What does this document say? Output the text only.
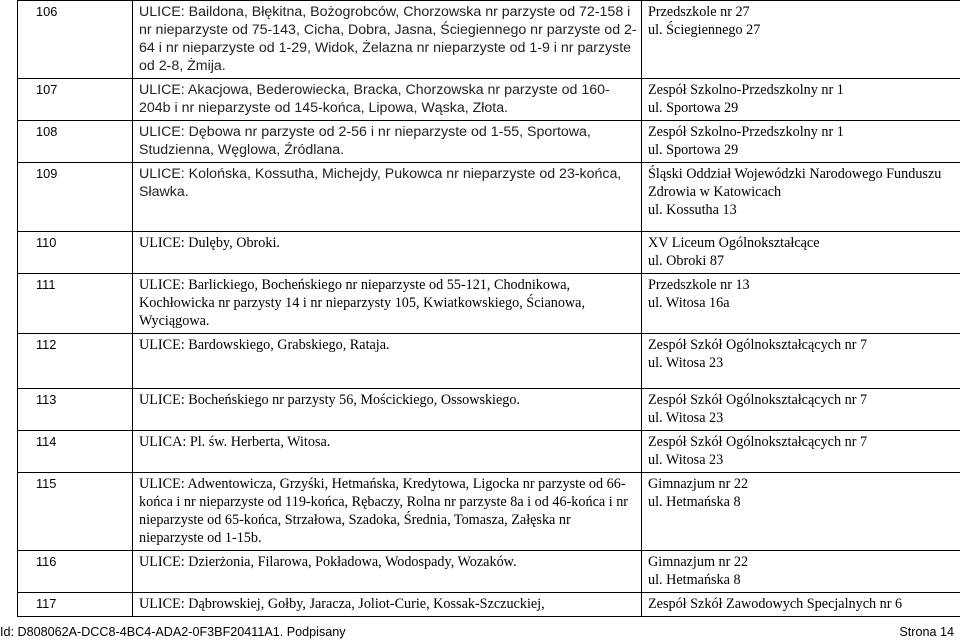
106	ULICE: Baildona, Błękitna, Bożogrobców, Chorzowska nr parzyste od 72-158 i nr nieparzyste od 75-143, Cicha, Dobra, Jasna, Ściegiennego nr parzyste od 2-64 i nr nieparzyste od 1-29, Widok, Żelazna nr nieparzyste od 1-9 i nr parzyste od 2-8, Żmija.	Przedszkole nr 27
ul. Ściegiennego 27

107	ULICE: Akacjowa, Bederowiecka, Bracka, Chorzowska nr parzyste od 160-204b i nr nieparzyste od 145-końca, Lipowa, Wąska, Złota.	Zespół Szkolno-Przedszkolny nr 1
ul. Sportowa 29

108	ULICE: Dębowa nr parzyste od 2-56 i nr nieparzyste od 1-55, Sportowa, Studzienna, Węglowa, Źródlana.	Zespół Szkolno-Przedszkolny nr 1
ul. Sportowa 29

109	ULICE: Kolońska, Kossutha, Michejdy, Pukowca nr nieparzyste od 23-końca, Sławka.	Śląski Oddział Wojewódzki Narodowego Funduszu Zdrowia w Katowicach
ul. Kossutha 13

110	ULICE: Dulęby, Obroki.	XV Liceum Ogólnokształcące
ul. Obroki 87

111	ULICE: Barlickiego, Bocheńskiego nr nieparzyste od 55-121, Chodnikowa, Kochłowicka nr parzysty 14 i nr nieparzysty 105, Kwiatkowskiego, Ścianowa, Wyciągowa.	Przedszkole nr 13
ul. Witosa 16a

112	ULICE: Bardowskiego, Grabskiego, Rataja.	Zespół Szkół Ogólnokształcących nr 7
ul. Witosa 23

113	ULICE: Bocheńskiego nr parzysty 56, Mościckiego, Ossowskiego.	Zespół Szkół Ogólnokształcących nr 7
ul. Witosa 23

114	ULICA: Pl. św. Herberta, Witosa.	Zespół Szkół Ogólnokształcących nr 7
ul. Witosa 23

115	ULICE: Adwentowicza, Grzyśki, Hetmańska, Kredytowa, Ligocka nr parzyste od 66-końca i nr nieparzyste od 119-końca, Rębaczy, Rolna nr parzyste 8a i od 46-końca i nr nieparzyste od 65-końca, Strzałowa, Szadoka, Średnia, Tomasza, Załęska nr nieparzyste od 1-15b.	Gimnazjum nr 22
ul. Hetmańska 8

116	ULICE: Dzierżonia, Filarowa, Pokładowa, Wodospady, Wozaków.	Gimnazjum nr 22
ul. Hetmańska 8

117	ULICE: Dąbrowskiej, Gołby, Jaracza, Joliot-Curie, Kossak-Szczuckiej,	Zespół Szkół Zawodowych Specjalnych nr 6
Id: D808062A-DCC8-4BC4-ADA2-0F3BF20411A1. Podpisany	Strona 14
